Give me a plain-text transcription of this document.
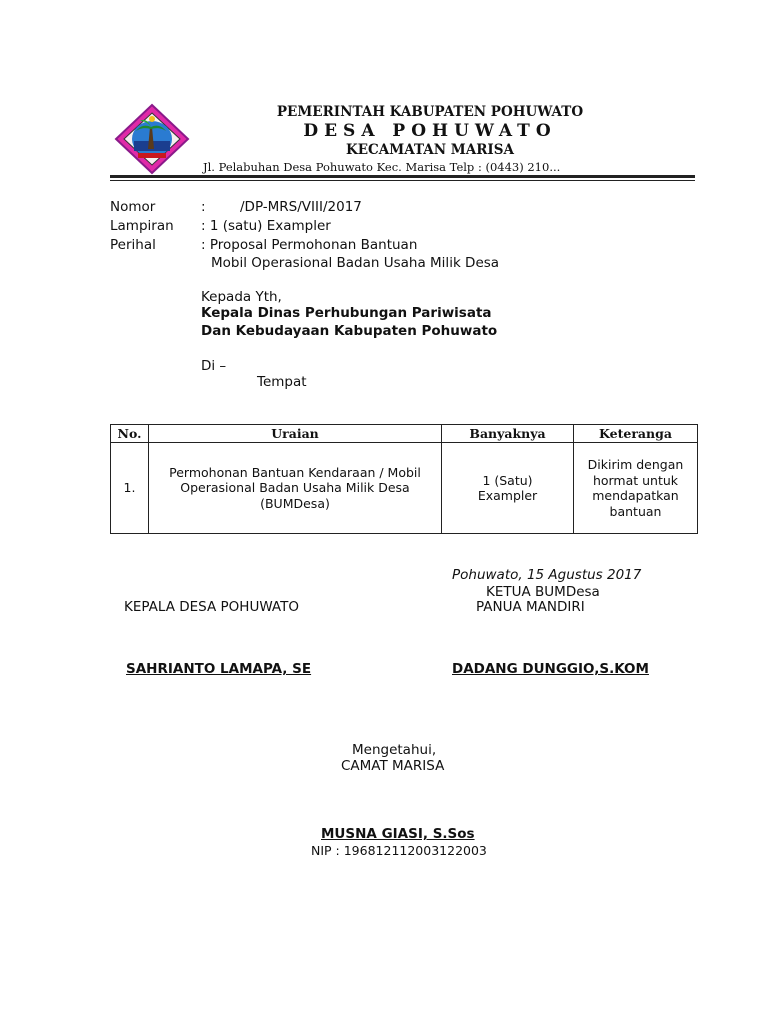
PEMERINTAH KABUPATEN POHUWATO
DESA POHUWATO
KECAMATAN MARISA
Jl. Pelabuhan Desa Pohuwato Kec. Marisa Telp : (0443) 210...
Nomor	:	/DP-MRS/VIII/2017
Lampiran : 1 (satu) Exampler
Perihal	: Proposal Permohonan Bantuan
Mobil Operasional Badan Usaha Milik Desa
Kepada Yth,
Kepala Dinas Perhubungan Pariwisata
Dan Kebudayaan Kabupaten Pohuwato
Di –
Tempat
No.	Uraian	Banyaknya	Keteranga
1.	Permohonan Bantuan Kendaraan / Mobil Operasional Badan Usaha Milik Desa (BUMDesa)	1 (Satu) Exampler	Dikirim dengan hormat untuk mendapatkan bantuan
Pohuwato, 15 Agustus 2017
KETUA BUMDesa
PANUA MANDIRI
KEPALA DESA POHUWATO
SAHRIANTO LAMAPA, SE	DADANG DUNGGIO,S.KOM
Mengetahui,
CAMAT MARISA
MUSNA GIASI, S.Sos
NIP : 196812112003122003
